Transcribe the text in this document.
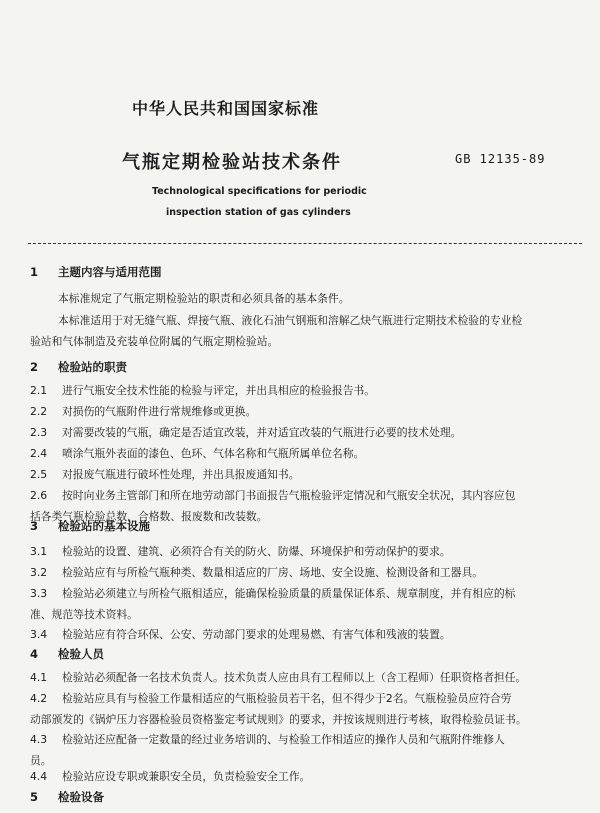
中华人民共和国国家标准
气瓶定期检验站技术条件	GB 12135-89
Technological specifications for periodic
inspection station of gas cylinders
1 主题内容与适用范围
本标准规定了气瓶定期检验站的职责和必须具备的基本条件。
本标准适用于对无缝气瓶、焊接气瓶、液化石油气钢瓶和溶解乙炔气瓶进行定期技术检验的专业检
验站和气体制造及充装单位附属的气瓶定期检验站。
2 检验站的职责
2.1	进行气瓶安全技术性能的检验与评定，并出具相应的检验报告书。
2.2	对损伤的气瓶附件进行常规维修或更换。
2.3	对需要改装的气瓶，确定是否适宜改装，并对适宜改装的气瓶进行必要的技术处理。
2.4	喷涂气瓶外表面的漆色、色环、气体名称和气瓶所属单位名称。
2.5	对报废气瓶进行破坏性处理，并出具报废通知书。
2.6	按时向业务主管部门和所在地劳动部门书面报告气瓶检验评定情况和气瓶安全状况，其内容应包
括各类气瓶检验总数、合格数、报废数和改装数。
3 检验站的基本设施
3.1	检验站的设置、建筑、必须符合有关的防火、防爆、环境保护和劳动保护的要求。
3.2	检验站应有与所检气瓶种类、数量相适应的厂房、场地、安全设施、检测设备和工器具。
3.3	检验站必须建立与所检气瓶相适应，能确保检验质量的质量保证体系、规章制度，并有相应的标
准、规范等技术资料。
3.4	检验站应有符合环保、公安、劳动部门要求的处理易燃、有害气体和残液的装置。
4 检验人员
4.1	检验站必须配备一名技术负责人。技术负责人应由具有工程师以上（含工程师）任职资格者担任。
4.2	检验站应具有与检验工作量相适应的气瓶检验员若干名，但不得少于2名。气瓶检验员应符合劳
动部颁发的《锅炉压力容器检验员资格鉴定考试规则》的要求，并按该规则进行考核，取得检验员证书。
4.3	检验站还应配备一定数量的经过业务培训的、与检验工作相适应的操作人员和气瓶附件维修人
员。
4.4	检验站应设专职或兼职安全员，负责检验安全工作。
5 检验设备
